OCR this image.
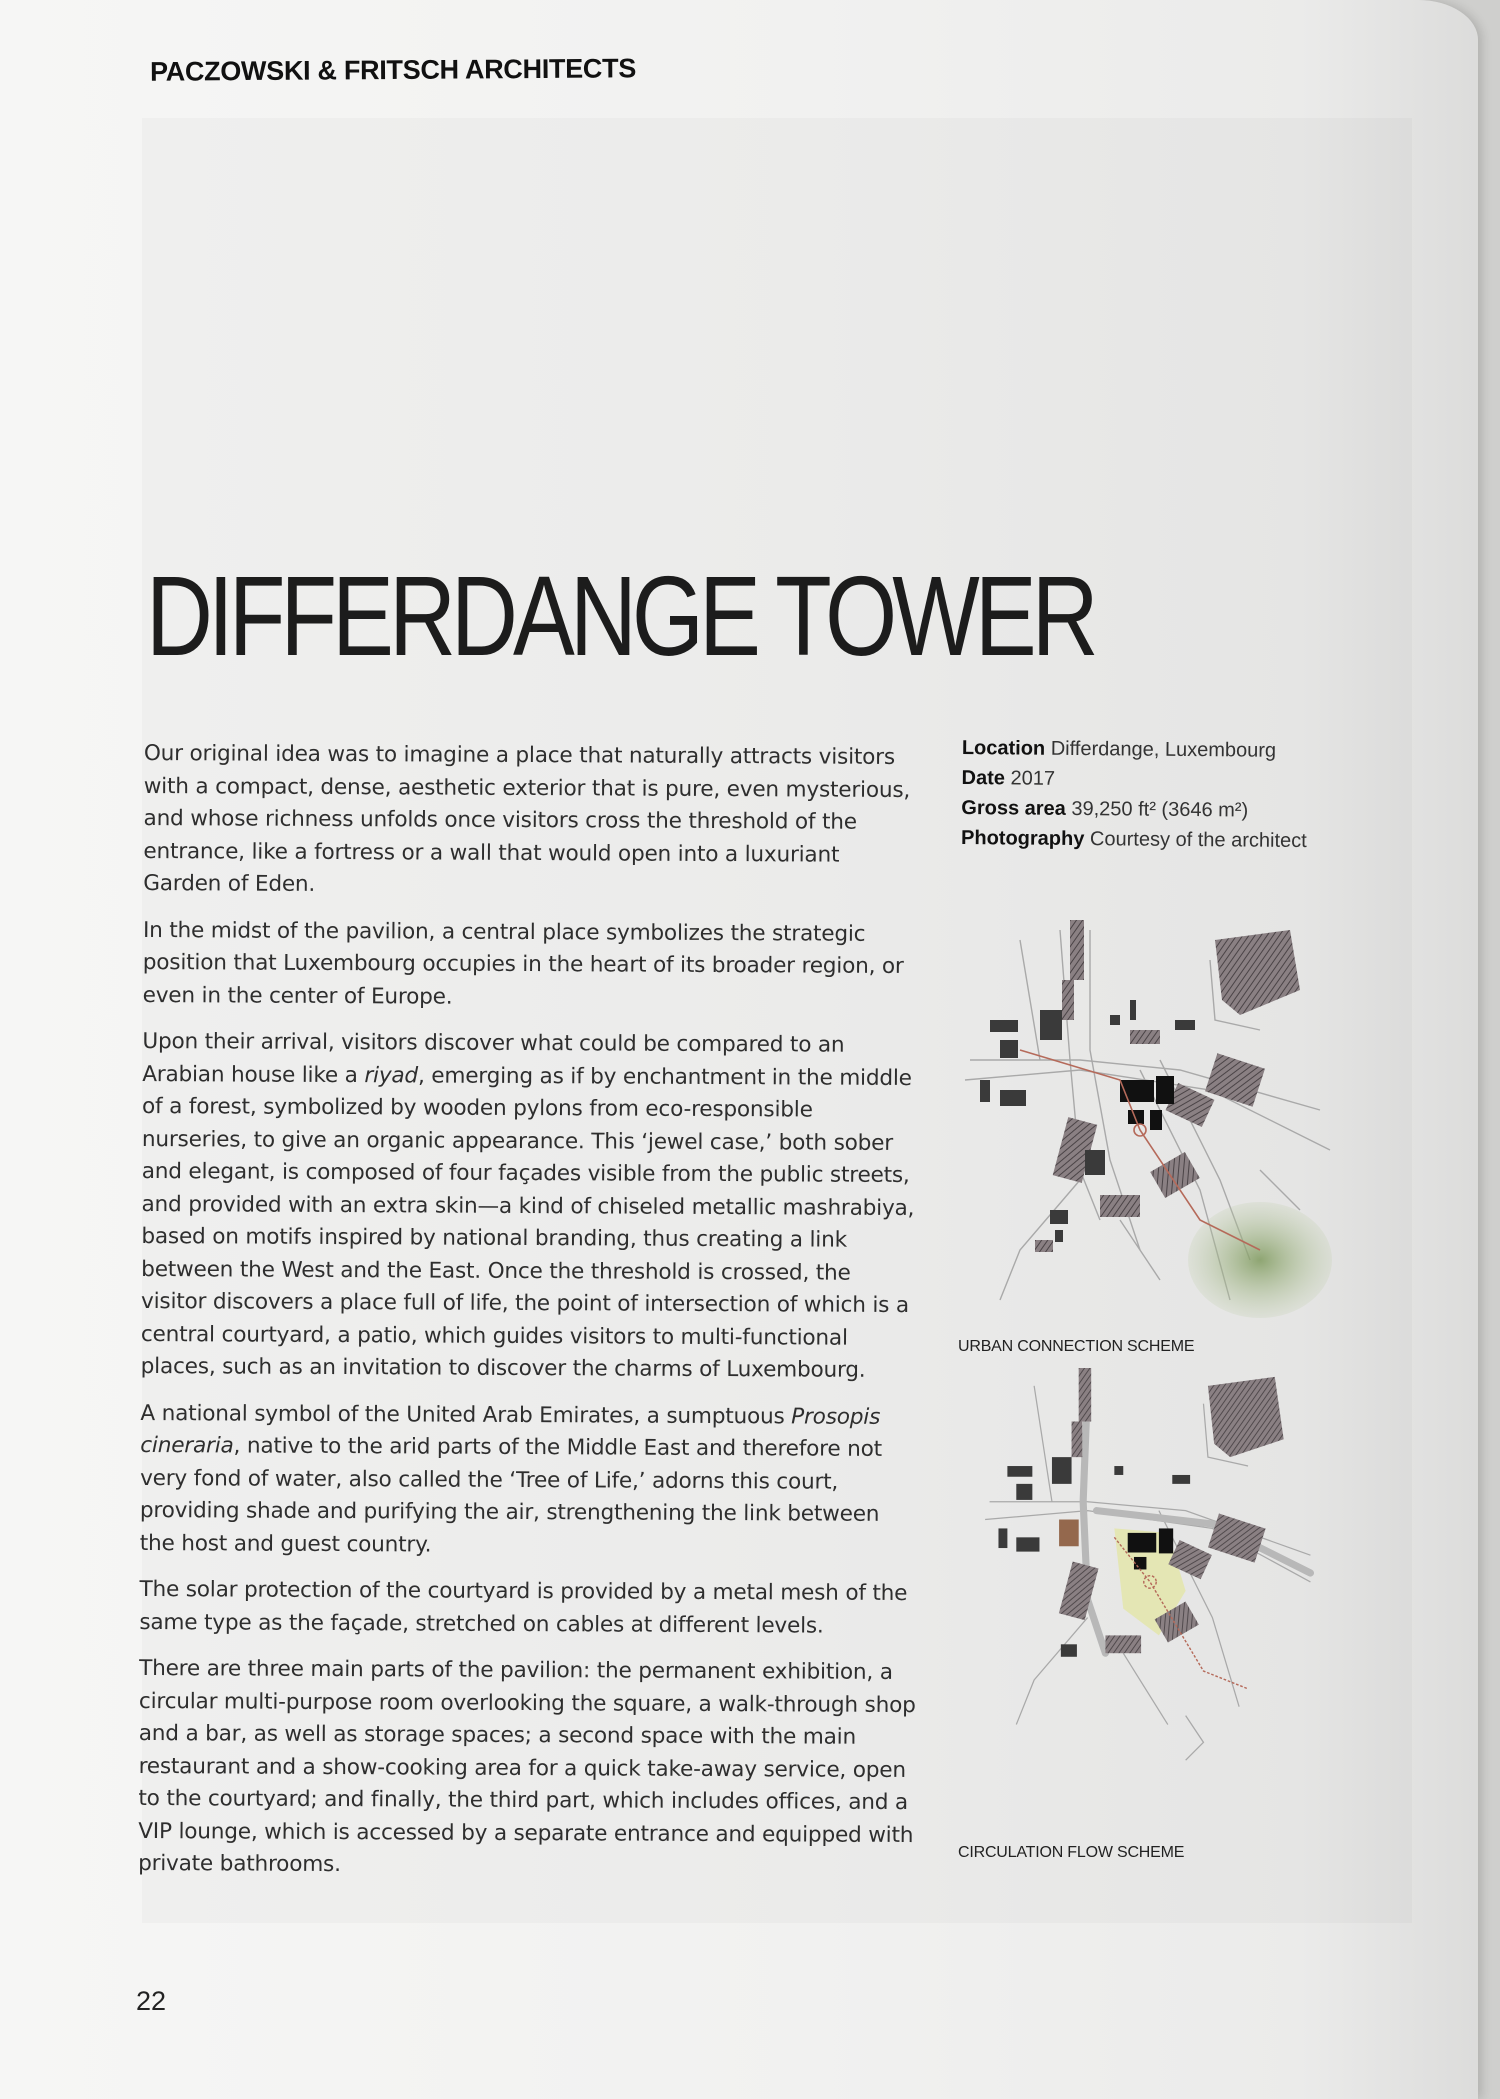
PACZOWSKI & FRITSCH ARCHITECTS
DIFFERDANGE TOWER

Our original idea was to imagine a place that naturally attracts visitors with a compact, dense, aesthetic exterior that is pure, even mysterious, and whose richness unfolds once visitors cross the threshold of the entrance, like a fortress or a wall that would open into a luxuriant Garden of Eden.

In the midst of the pavilion, a central place symbolizes the strategic position that Luxembourg occupies in the heart of its broader region, or even in the center of Europe.

Upon their arrival, visitors discover what could be compared to an Arabian house like a riyad, emerging as if by enchantment in the middle of a forest, symbolized by wooden pylons from eco-responsible nurseries, to give an organic appearance. This ‘jewel case,’ both sober and elegant, is composed of four façades visible from the public streets, and provided with an extra skin—a kind of chiseled metallic mashrabiya, based on motifs inspired by national branding, thus creating a link between the West and the East. Once the threshold is crossed, the visitor discovers a place full of life, the point of intersection of which is a central courtyard, a patio, which guides visitors to multi-functional places, such as an invitation to discover the charms of Luxembourg.

A national symbol of the United Arab Emirates, a sumptuous Prosopis cineraria, native to the arid parts of the Middle East and therefore not very fond of water, also called the ‘Tree of Life,’ adorns this court, providing shade and purifying the air, strengthening the link between the host and guest country.

The solar protection of the courtyard is provided by a metal mesh of the same type as the façade, stretched on cables at different levels.

There are three main parts of the pavilion: the permanent exhibition, a circular multi-purpose room overlooking the square, a walk-through shop and a bar, as well as storage spaces; a second space with the main restaurant and a show-cooking area for a quick take-away service, open to the courtyard; and finally, the third part, which includes offices, and a VIP lounge, which is accessed by a separate entrance and equipped with private bathrooms.

Location Differdange, Luxembourg
Date 2017
Gross area 39,250 ft² (3646 m²)
Photography Courtesy of the architect
URBAN CONNECTION SCHEME
CIRCULATION FLOW SCHEME
22
